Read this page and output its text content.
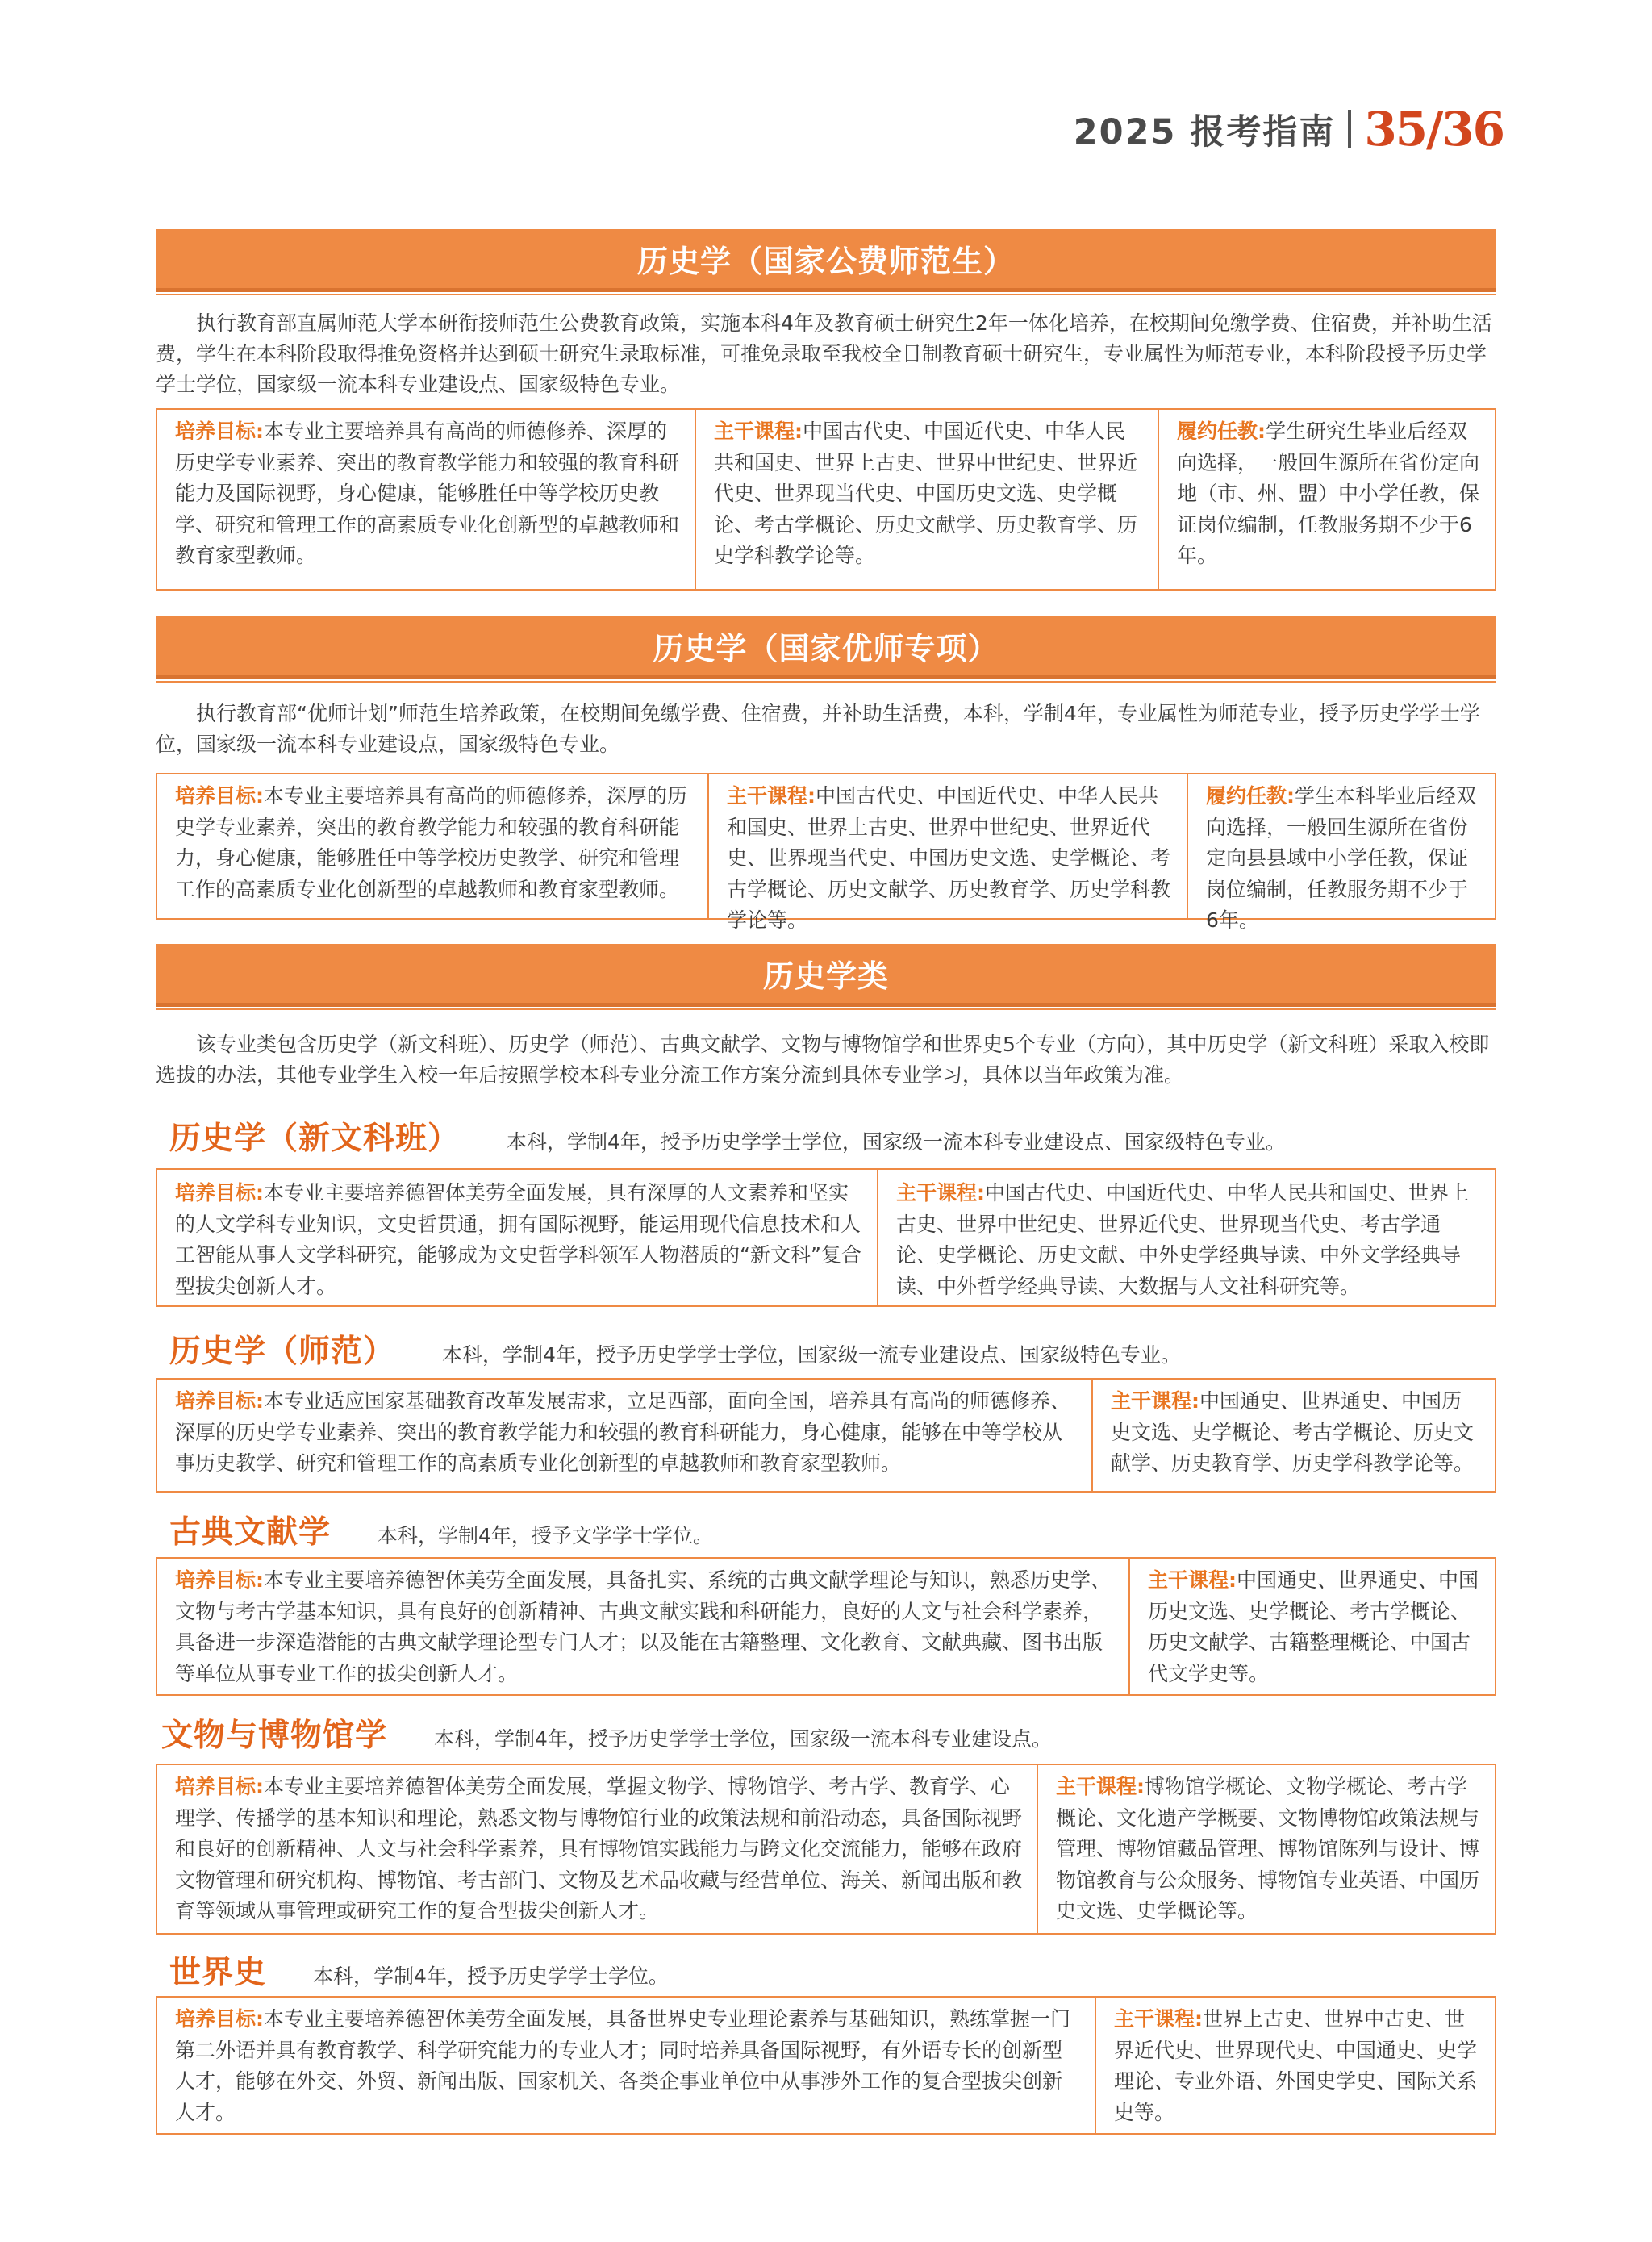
2025 报考指南 35/36
历史学（国家公费师范生）

执行教育部直属师范大学本研衔接师范生公费教育政策，实施本科4年及教育硕士研究生2年一体化培养，在校期间免缴学费、住宿费，并补助生活费，学生在本科阶段取得推免资格并达到硕士研究生录取标准，可推免录取至我校全日制教育硕士研究生，专业属性为师范专业，本科阶段授予历史学学士学位，国家级一流本科专业建设点、国家级特色专业。

培养目标:本专业主要培养具有高尚的师德修养、深厚的历史学专业素养、突出的教育教学能力和较强的教育科研能力及国际视野，身心健康，能够胜任中等学校历史教学、研究和管理工作的高素质专业化创新型的卓越教师和教育家型教师。
主干课程:中国古代史、中国近代史、中华人民共和国史、世界上古史、世界中世纪史、世界近代史、世界现当代史、中国历史文选、史学概论、考古学概论、历史文献学、历史教育学、历史学科教学论等。
履约任教:学生研究生毕业后经双向选择，一般回生源所在省份定向地（市、州、盟）中小学任教，保证岗位编制，任教服务期不少于6年。
历史学（国家优师专项）

执行教育部“优师计划”师范生培养政策，在校期间免缴学费、住宿费，并补助生活费，本科，学制4年，专业属性为师范专业，授予历史学学士学位，国家级一流本科专业建设点，国家级特色专业。

培养目标:本专业主要培养具有高尚的师德修养，深厚的历史学专业素养，突出的教育教学能力和较强的教育科研能力，身心健康，能够胜任中等学校历史教学、研究和管理工作的高素质专业化创新型的卓越教师和教育家型教师。
主干课程:中国古代史、中国近代史、中华人民共和国史、世界上古史、世界中世纪史、世界近代史、世界现当代史、中国历史文选、史学概论、考古学概论、历史文献学、历史教育学、历史学科教学论等。
履约任教:学生本科毕业后经双向选择，一般回生源所在省份定向县县域中小学任教，保证岗位编制，任教服务期不少于6年。
历史学类

该专业类包含历史学（新文科班）、历史学（师范）、古典文献学、文物与博物馆学和世界史5个专业（方向），其中历史学（新文科班）采取入校即选拔的办法，其他专业学生入校一年后按照学校本科专业分流工作方案分流到具体专业学习，具体以当年政策为准。

历史学（新文科班） 本科，学制4年，授予历史学学士学位，国家级一流本科专业建设点、国家级特色专业。
培养目标:本专业主要培养德智体美劳全面发展，具有深厚的人文素养和坚实的人文学科专业知识，文史哲贯通，拥有国际视野，能运用现代信息技术和人工智能从事人文学科研究，能够成为文史哲学科领军人物潜质的“新文科”复合型拔尖创新人才。
主干课程:中国古代史、中国近代史、中华人民共和国史、世界上古史、世界中世纪史、世界近代史、世界现当代史、考古学通论、史学概论、历史文献、中外史学经典导读、中外文学经典导读、中外哲学经典导读、大数据与人文社科研究等。
历史学（师范） 本科，学制4年，授予历史学学士学位，国家级一流专业建设点、国家级特色专业。
培养目标:本专业适应国家基础教育改革发展需求，立足西部，面向全国，培养具有高尚的师德修养、深厚的历史学专业素养、突出的教育教学能力和较强的教育科研能力，身心健康，能够在中等学校从事历史教学、研究和管理工作的高素质专业化创新型的卓越教师和教育家型教师。
主干课程:中国通史、世界通史、中国历史文选、史学概论、考古学概论、历史文献学、历史教育学、历史学科教学论等。
古典文献学 本科，学制4年，授予文学学士学位。
培养目标:本专业主要培养德智体美劳全面发展，具备扎实、系统的古典文献学理论与知识，熟悉历史学、文物与考古学基本知识，具有良好的创新精神、古典文献实践和科研能力，良好的人文与社会科学素养，具备进一步深造潜能的古典文献学理论型专门人才；以及能在古籍整理、文化教育、文献典藏、图书出版等单位从事专业工作的拔尖创新人才。
主干课程:中国通史、世界通史、中国历史文选、史学概论、考古学概论、历史文献学、古籍整理概论、中国古代文学史等。
文物与博物馆学 本科，学制4年，授予历史学学士学位，国家级一流本科专业建设点。
培养目标:本专业主要培养德智体美劳全面发展，掌握文物学、博物馆学、考古学、教育学、心理学、传播学的基本知识和理论，熟悉文物与博物馆行业的政策法规和前沿动态，具备国际视野和良好的创新精神、人文与社会科学素养，具有博物馆实践能力与跨文化交流能力，能够在政府文物管理和研究机构、博物馆、考古部门、文物及艺术品收藏与经营单位、海关、新闻出版和教育等领域从事管理或研究工作的复合型拔尖创新人才。
主干课程:博物馆学概论、文物学概论、考古学概论、文化遗产学概要、文物博物馆政策法规与管理、博物馆藏品管理、博物馆陈列与设计、博物馆教育与公众服务、博物馆专业英语、中国历史文选、史学概论等。
世界史 本科，学制4年，授予历史学学士学位。
培养目标:本专业主要培养德智体美劳全面发展，具备世界史专业理论素养与基础知识，熟练掌握一门第二外语并具有教育教学、科学研究能力的专业人才；同时培养具备国际视野，有外语专长的创新型人才，能够在外交、外贸、新闻出版、国家机关、各类企事业单位中从事涉外工作的复合型拔尖创新人才。
主干课程:世界上古史、世界中古史、世界近代史、世界现代史、中国通史、史学理论、专业外语、外国史学史、国际关系史等。
